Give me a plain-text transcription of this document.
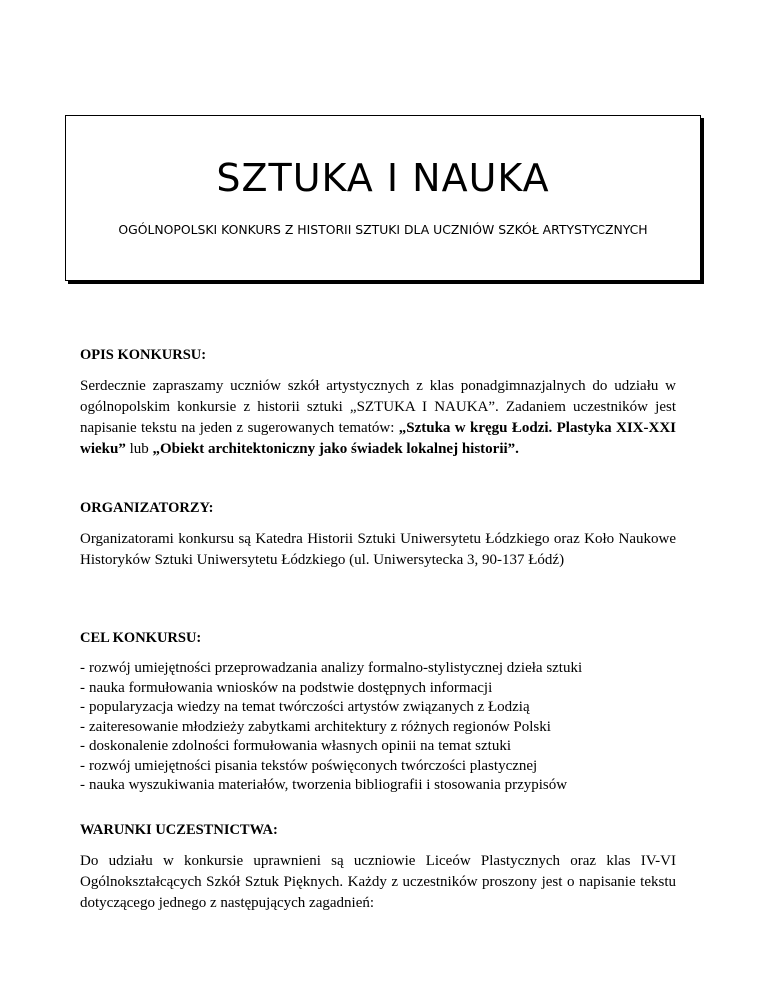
SZTUKA I NAUKA
OGÓLNOPOLSKI KONKURS Z HISTORII SZTUKI DLA UCZNIÓW SZKÓŁ ARTYSTYCZNYCH
OPIS KONKURSU:

Serdecznie zapraszamy uczniów szkół artystycznych z klas ponadgimnazjalnych do udziału w ogólnopolskim konkursie z historii sztuki „SZTUKA I NAUKA”. Zadaniem uczestników jest napisanie tekstu na jeden z sugerowanych tematów: „Sztuka w kręgu Łodzi. Plastyka XIX-XXI wieku” lub „Obiekt architektoniczny jako świadek lokalnej historii”.

ORGANIZATORZY:

Organizatorami konkursu są Katedra Historii Sztuki Uniwersytetu Łódzkiego oraz Koło Naukowe Historyków Sztuki Uniwersytetu Łódzkiego (ul. Uniwersytecka 3, 90-137 Łódź)

CEL KONKURSU:
- rozwój umiejętności przeprowadzania analizy formalno-stylistycznej dzieła sztuki
- nauka formułowania wniosków na podstwie dostępnych informacji
- popularyzacja wiedzy na temat twórczości artystów związanych z Łodzią
- zaiteresowanie młodzieży zabytkami architektury z różnych regionów Polski
- doskonalenie zdolności formułowania własnych opinii na temat sztuki
- rozwój umiejętności pisania tekstów poświęconych twórczości plastycznej
- nauka wyszukiwania materiałów, tworzenia bibliografii i stosowania przypisów
WARUNKI UCZESTNICTWA:

Do udziału w konkursie uprawnieni są uczniowie Liceów Plastycznych oraz klas IV-VI Ogólnokształcących Szkół Sztuk Pięknych. Każdy z uczestników proszony jest o napisanie tekstu dotyczącego jednego z następujących zagadnień:
